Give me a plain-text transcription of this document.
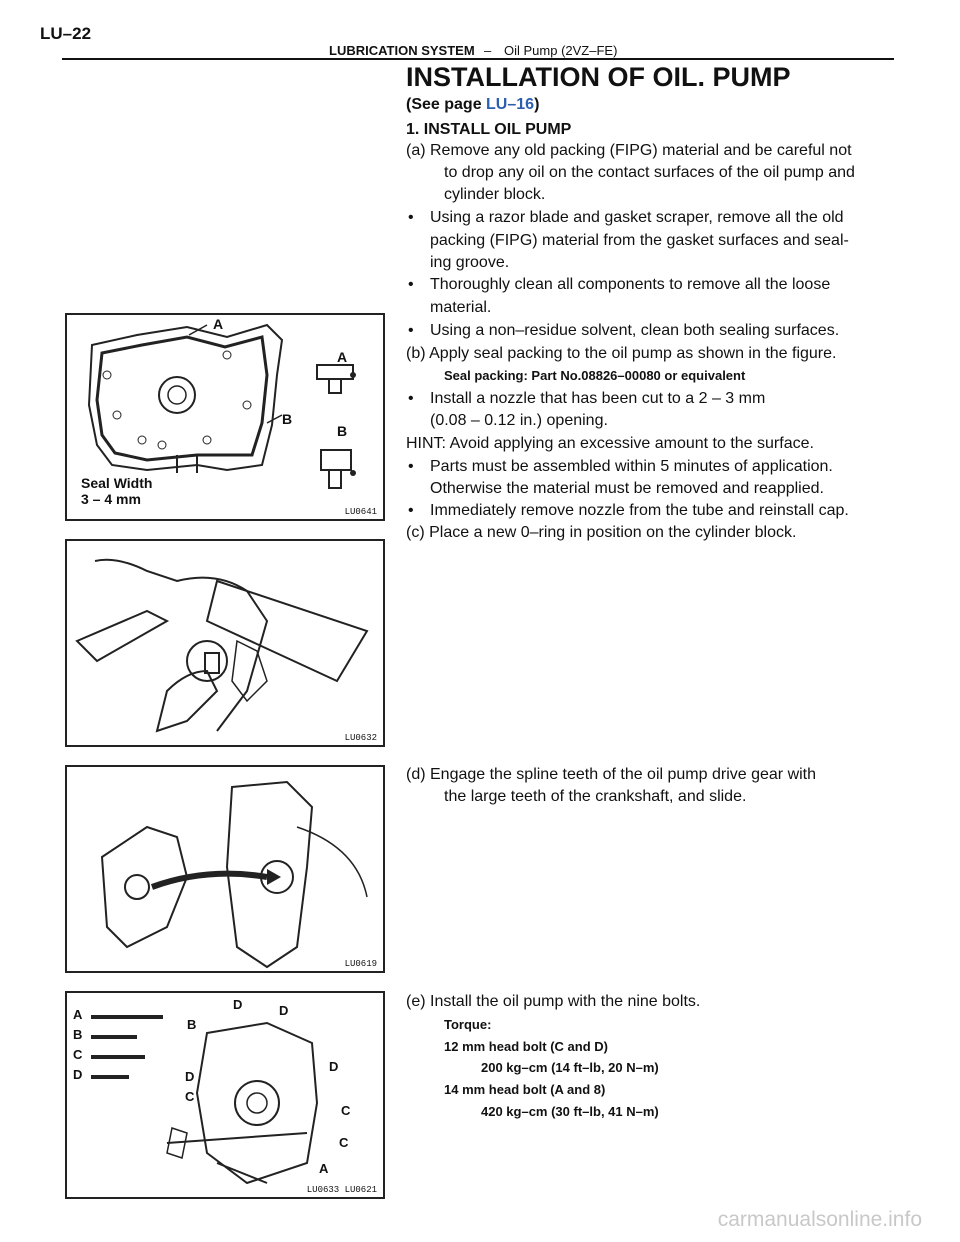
LU–22
LUBRICATION SYSTEM – Oil Pump (2VZ–FE)
INSTALLATION OF OIL. PUMP
(See page LU–16)
1. INSTALL OIL PUMP
(a) Remove any old packing (FIPG) material and be careful not
to drop any oil on the contact surfaces of the oil pump and
cylinder block.
• Using a razor blade and gasket scraper, remove all the old
packing (FIPG) material from the gasket surfaces and seal-
ing groove.
• Thoroughly clean all components to remove all the loose
material.
• Using a non–residue solvent, clean both sealing surfaces.
(b) Apply seal packing to the oil pump as shown in the figure.
Seal packing: Part No.08826–00080 or equivalent
• Install a nozzle that has been cut to a 2 – 3 mm
(0.08 – 0.12 in.) opening.
HINT: Avoid applying an excessive amount to the surface.
• Parts must be assembled within 5 minutes of application.
Otherwise the material must be removed and reapplied.
• Immediately remove nozzle from the tube and reinstall cap.
(c) Place a new 0–ring in position on the cylinder block.
(d) Engage the spline teeth of the oil pump drive gear with
the large teeth of the crankshaft, and slide.
(e) Install the oil pump with the nine bolts.
Torque:
12 mm head bolt (C and D)
200 kg–cm (14 ft–lb, 20 N–m)
14 mm head bolt (A and 8)
420 kg–cm (30 ft–lb, 41 N–m)
A
B
A
B
Seal Width
3 – 4 mm
LU0641
LU0632
LU0619
A
B
C
D
D	D
B
D
D
C
C
C
A
LU0633 LU0621
carmanualsonline.info
